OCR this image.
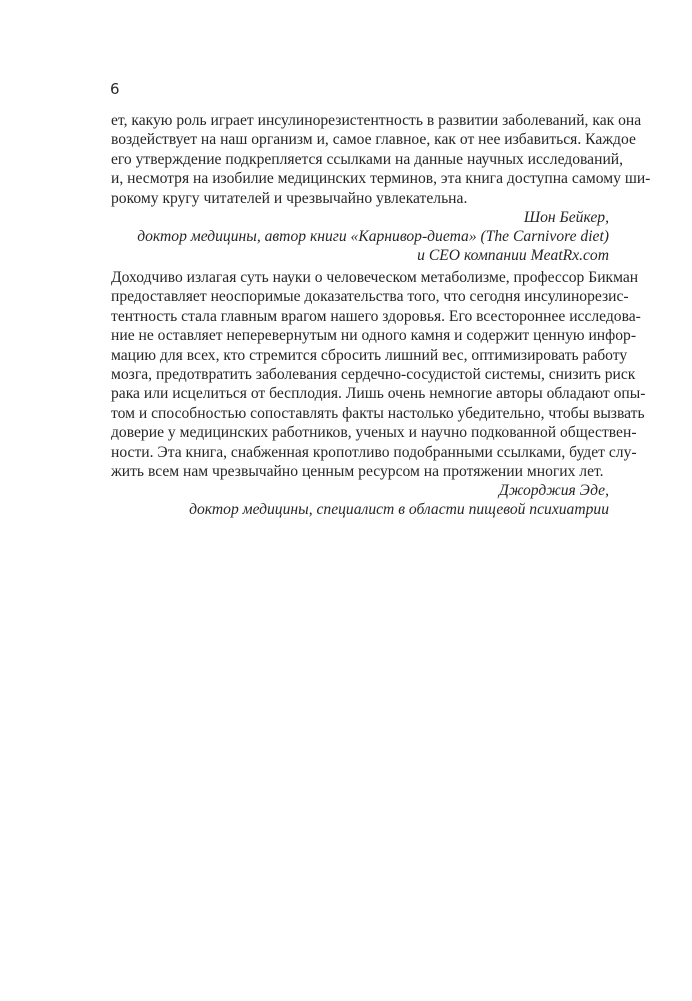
6
ет, какую роль играет инсулинорезистентность в развитии заболеваний, как она
воздействует на наш организм и, самое главное, как от нее избавиться. Каждое
его утверждение подкрепляется ссылками на данные научных исследований,
и, несмотря на изобилие медицинских терминов, эта книга доступна самому ши-
рокому кругу читателей и чрезвычайно увлекательна.
Шон Бейкер,
доктор медицины, автор книги «Карнивор-диета» (The Carnivore diet)
и CEO компании MeatRx.com
Доходчиво излагая суть науки о человеческом метаболизме, профессор Бикман
предоставляет неоспоримые доказательства того, что сегодня инсулинорезис-
тентность стала главным врагом нашего здоровья. Его всестороннее исследова-
ние не оставляет неперевернутым ни одного камня и содержит ценную инфор-
мацию для всех, кто стремится сбросить лишний вес, оптимизировать работу
мозга, предотвратить заболевания сердечно-сосудистой системы, снизить риск
рака или исцелиться от бесплодия. Лишь очень немногие авторы обладают опы-
том и способностью сопоставлять факты настолько убедительно, чтобы вызвать
доверие у медицинских работников, ученых и научно подкованной обществен-
ности. Эта книга, снабженная кропотливо подобранными ссылками, будет слу-
жить всем нам чрезвычайно ценным ресурсом на протяжении многих лет.
Джорджия Эде,
доктор медицины, специалист в области пищевой психиатрии
